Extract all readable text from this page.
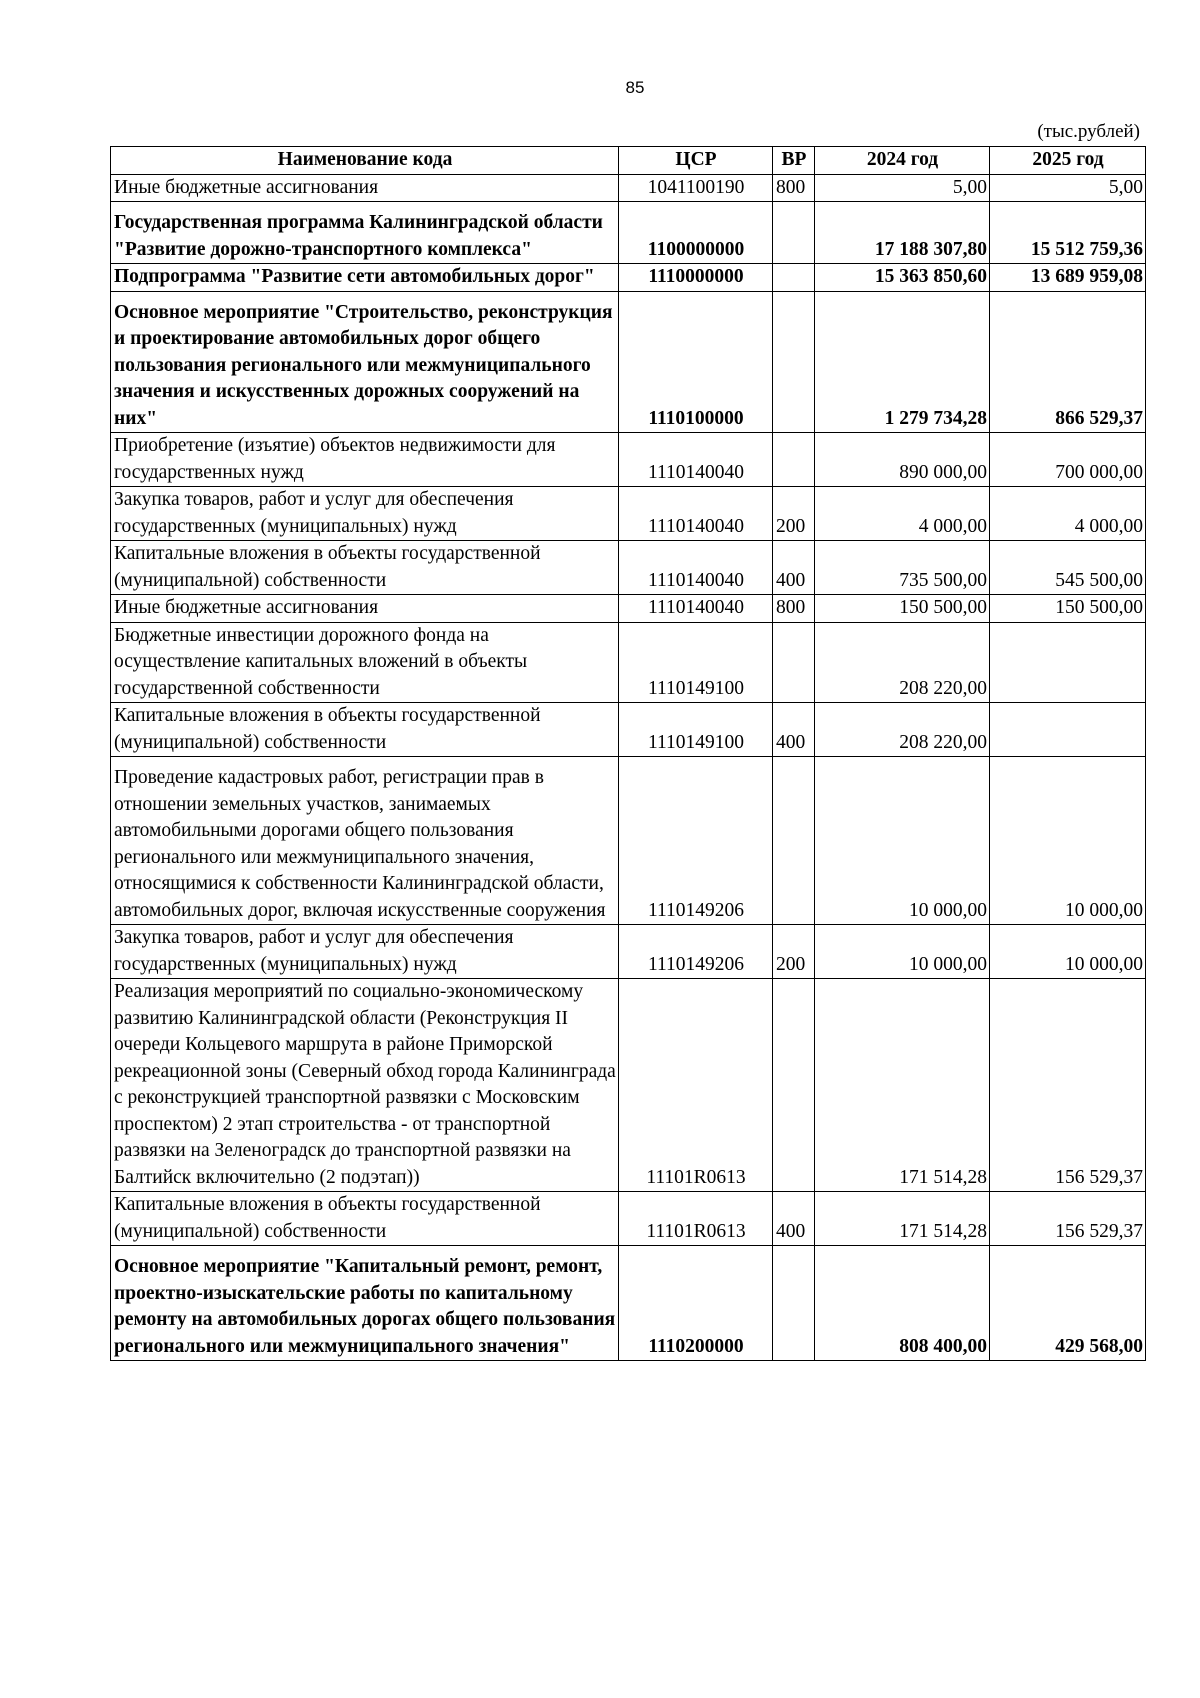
85
(тыс.рублей)
Наименование кода	ЦСР	ВР	2024 год	2025 год
Иные бюджетные ассигнования	1041100190	800	5,00	5,00
Государственная программа Калининградской области "Развитие дорожно-транспортного комплекса"	1100000000		17 188 307,80	15 512 759,36
Подпрограмма "Развитие сети автомобильных дорог"	1110000000		15 363 850,60	13 689 959,08
Основное мероприятие "Строительство, реконструкция и проектирование автомобильных дорог общего пользования регионального или межмуниципального значения и искусственных дорожных сооружений на них"	1110100000		1 279 734,28	866 529,37
Приобретение (изъятие) объектов недвижимости для государственных нужд	1110140040		890 000,00	700 000,00
Закупка товаров, работ и услуг для обеспечения государственных (муниципальных) нужд	1110140040	200	4 000,00	4 000,00
Капитальные вложения в объекты государственной (муниципальной) собственности	1110140040	400	735 500,00	545 500,00
Иные бюджетные ассигнования	1110140040	800	150 500,00	150 500,00
Бюджетные инвестиции дорожного фонда на осуществление капитальных вложений в объекты государственной собственности	1110149100		208 220,00	
Капитальные вложения в объекты государственной (муниципальной) собственности	1110149100	400	208 220,00	
Проведение кадастровых работ, регистрации прав в отношении земельных участков, занимаемых автомобильными дорогами общего пользования регионального или межмуниципального значения, относящимися к собственности Калининградской области, автомобильных дорог, включая искусственные сооружения	1110149206		10 000,00	10 000,00
Закупка товаров, работ и услуг для обеспечения государственных (муниципальных) нужд	1110149206	200	10 000,00	10 000,00
Реализация мероприятий по социально-экономическому развитию Калининградской области (Реконструкция II очереди Кольцевого маршрута в районе Приморской рекреационной зоны (Северный обход города Калининграда с реконструкцией транспортной развязки с Московским проспектом) 2 этап строительства - от транспортной развязки на Зеленоградск до транспортной развязки на Балтийск включительно (2 подэтап))	11101R0613		171 514,28	156 529,37
Капитальные вложения в объекты государственной (муниципальной) собственности	11101R0613	400	171 514,28	156 529,37
Основное мероприятие "Капитальный ремонт, ремонт, проектно-изыскательские работы по капитальному ремонту на автомобильных дорогах общего пользования регионального или межмуниципального значения"	1110200000		808 400,00	429 568,00
